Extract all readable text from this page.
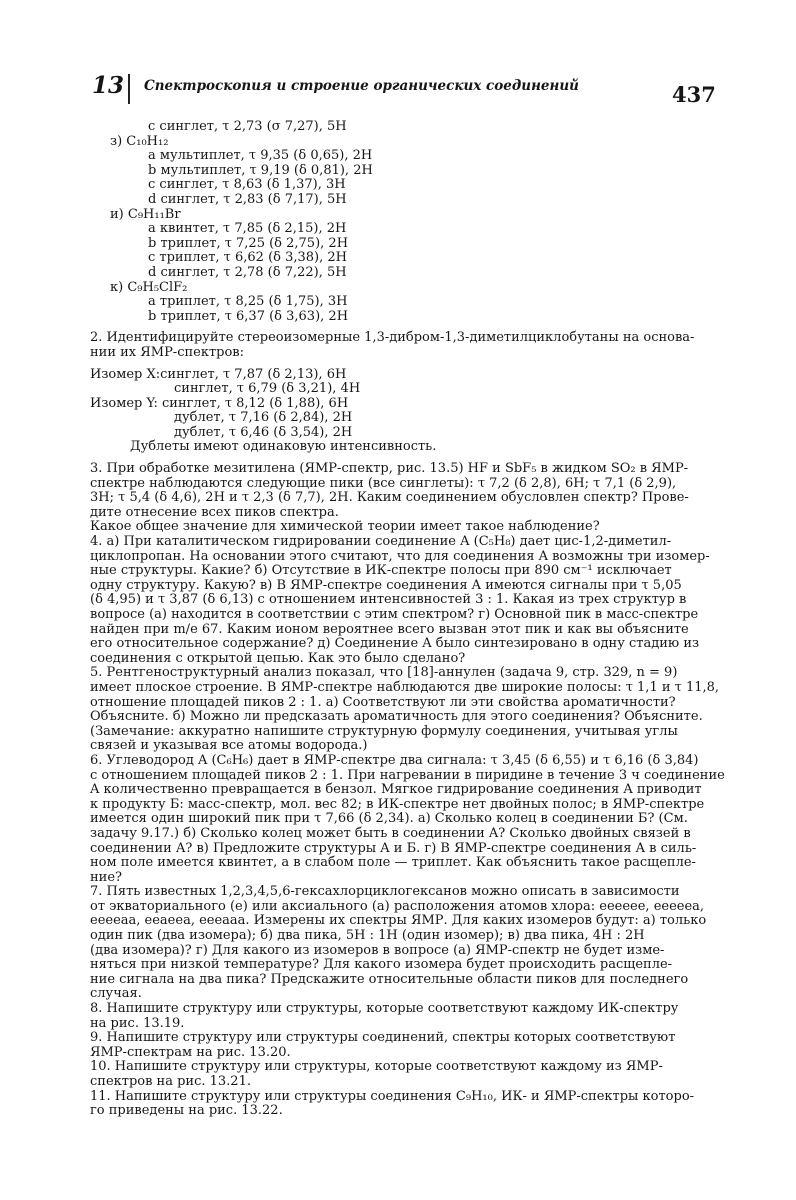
13 Спектроскопия и строение органических соединений	437
c синглет, τ 2,73 (σ 7,27), 5H
з) C₁₀H₁₂
a мультиплет, τ 9,35 (δ 0,65), 2H
b мультиплет, τ 9,19 (δ 0,81), 2H
c синглет, τ 8,63 (δ 1,37), 3H
d синглет, τ 2,83 (δ 7,17), 5H
и) C₉H₁₁Br
a квинтет, τ 7,85 (δ 2,15), 2H
b триплет, τ 7,25 (δ 2,75), 2H
c триплет, τ 6,62 (δ 3,38), 2H
d синглет, τ 2,78 (δ 7,22), 5H
к) C₉H₅ClF₂
a триплет, τ 8,25 (δ 1,75), 3H
b триплет, τ 6,37 (δ 3,63), 2H
2. Идентифицируйте стереоизомерные 1,3-дибром-1,3-диметилциклобутаны на основа-
нии их ЯМР-спектров:
Изомер X:синглет, τ 7,87 (δ 2,13), 6H
синглет, τ 6,79 (δ 3,21), 4H
Изомер Y: синглет, τ 8,12 (δ 1,88), 6H
дублет, τ 7,16 (δ 2,84), 2H
дублет, τ 6,46 (δ 3,54), 2H
Дублеты имеют одинаковую интенсивность.
3. При обработке мезитилена (ЯМР-спектр, рис. 13.5) HF и SbF₅ в жидком SO₂ в ЯМР-
спектре наблюдаются следующие пики (все синглеты): τ 7,2 (δ 2,8), 6H; τ 7,1 (δ 2,9),
3H; τ 5,4 (δ 4,6), 2H и τ 2,3 (δ 7,7), 2H. Каким соединением обусловлен спектр? Прове-
дите отнесение всех пиков спектра.
Какое общее значение для химической теории имеет такое наблюдение?
4. а) При каталитическом гидрировании соединение A (C₅H₈) дает цис-1,2-диметил-
циклопропан. На основании этого считают, что для соединения A возможны три изомер-
ные структуры. Какие? б) Отсутствие в ИК-спектре полосы при 890 см⁻¹ исключает
одну структуру. Какую? в) В ЯМР-спектре соединения A имеются сигналы при τ 5,05
(δ 4,95) и τ 3,87 (δ 6,13) с отношением интенсивностей 3 : 1. Какая из трех структур в
вопросе (а) находится в соответствии с этим спектром? г) Основной пик в масс-спектре
найден при m/e 67. Каким ионом вероятнее всего вызван этот пик и как вы объясните
его относительное содержание? д) Соединение A было синтезировано в одну стадию из
соединения с открытой цепью. Как это было сделано?
5. Рентгеноструктурный анализ показал, что [18]-аннулен (задача 9, стр. 329, n = 9)
имеет плоское строение. В ЯМР-спектре наблюдаются две широкие полосы: τ 1,1 и τ 11,8,
отношение площадей пиков 2 : 1. а) Соответствуют ли эти свойства ароматичности?
Объясните. б) Можно ли предсказать ароматичность для этого соединения? Объясните.
(Замечание: аккуратно напишите структурную формулу соединения, учитывая углы
связей и указывая все атомы водорода.)
6. Углеводород A (C₆H₆) дает в ЯМР-спектре два сигнала: τ 3,45 (δ 6,55) и τ 6,16 (δ 3,84)
с отношением площадей пиков 2 : 1. При нагревании в пиридине в течение 3 ч соединение
A количественно превращается в бензол. Мягкое гидрирование соединения A приводит
к продукту Б: масс-спектр, мол. вес 82; в ИК-спектре нет двойных полос; в ЯМР-спектре
имеется один широкий пик при τ 7,66 (δ 2,34). а) Сколько колец в соединении Б? (См.
задачу 9.17.) б) Сколько колец может быть в соединении A? Сколько двойных связей в
соединении A? в) Предложите структуры A и Б. г) В ЯМР-спектре соединения A в силь-
ном поле имеется квинтет, а в слабом поле — триплет. Как объяснить такое расщепле-
ние?
7. Пять известных 1,2,3,4,5,6-гексахлорциклогексанов можно описать в зависимости
от экваториального (e) или аксиального (a) расположения атомов хлора: eeeeee, eeeeea,
eeeeaa, eeaeea, eeeaaa. Измерены их спектры ЯМР. Для каких изомеров будут: а) только
один пик (два изомера); б) два пика, 5H : 1H (один изомер); в) два пика, 4H : 2H
(два изомера)? г) Для какого из изомеров в вопросе (а) ЯМР-спектр не будет изме-
няться при низкой температуре? Для какого изомера будет происходить расщепле-
ние сигнала на два пика? Предскажите относительные области пиков для последнего
случая.
8. Напишите структуру или структуры, которые соответствуют каждому ИК-спектру
на рис. 13.19.
9. Напишите структуру или структуры соединений, спектры которых соответствуют
ЯМР-спектрам на рис. 13.20.
10. Напишите структуру или структуры, которые соответствуют каждому из ЯМР-
спектров на рис. 13.21.
11. Напишите структуру или структуры соединения C₉H₁₀, ИК- и ЯМР-спектры которо-
го приведены на рис. 13.22.
